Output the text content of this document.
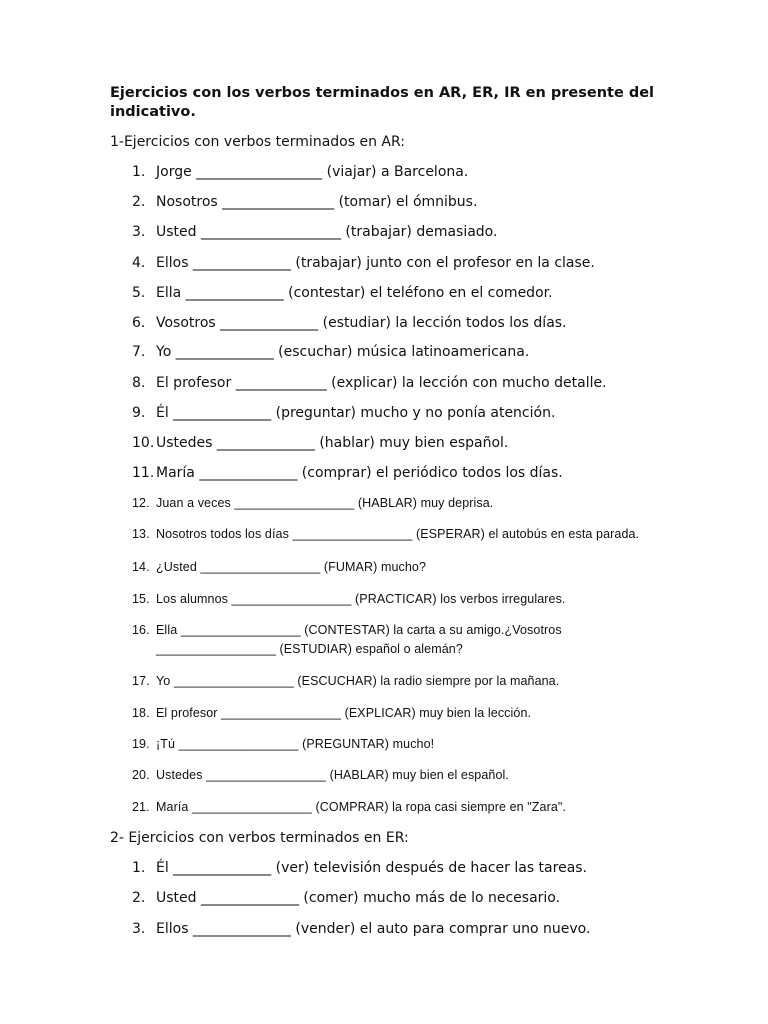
Ejercicios con los verbos terminados en AR, ER, IR en presente del indicativo.

1-Ejercicios con verbos terminados en AR:

1. Jorge __________________ (viajar) a Barcelona.
2. Nosotros ________________ (tomar) el ómnibus.
3. Usted ____________________ (trabajar) demasiado.
4. Ellos ______________ (trabajar) junto con el profesor en la clase.
5. Ella ______________ (contestar) el teléfono en el comedor.
6. Vosotros ______________ (estudiar) la lección todos los días.
7. Yo ______________ (escuchar) música latinoamericana.
8. El profesor _____________ (explicar) la lección con mucho detalle.
9. Él ______________ (preguntar) mucho y no ponía atención.
10. Ustedes ______________ (hablar) muy bien español.
11. María ______________ (comprar) el periódico todos los días.
12. Juan a veces _________________ (HABLAR) muy deprisa.
13. Nosotros todos los días _________________ (ESPERAR) el autobús en esta parada.
14. ¿Usted _________________ (FUMAR) mucho?
15. Los alumnos _________________ (PRACTICAR) los verbos irregulares.
16. Ella _________________ (CONTESTAR) la carta a su amigo.¿Vosotros
_________________ (ESTUDIAR) español o alemán?
17. Yo _________________ (ESCUCHAR) la radio siempre por la mañana.
18. El profesor _________________ (EXPLICAR) muy bien la lección.
19. ¡Tú _________________ (PREGUNTAR) mucho!
20. Ustedes _________________ (HABLAR) muy bien el español.
21. María _________________ (COMPRAR) la ropa casi siempre en "Zara".

2- Ejercicios con verbos terminados en ER:

1. Él ______________ (ver) televisión después de hacer las tareas.
2. Usted ______________ (comer) mucho más de lo necesario.
3. Ellos ______________ (vender) el auto para comprar uno nuevo.
